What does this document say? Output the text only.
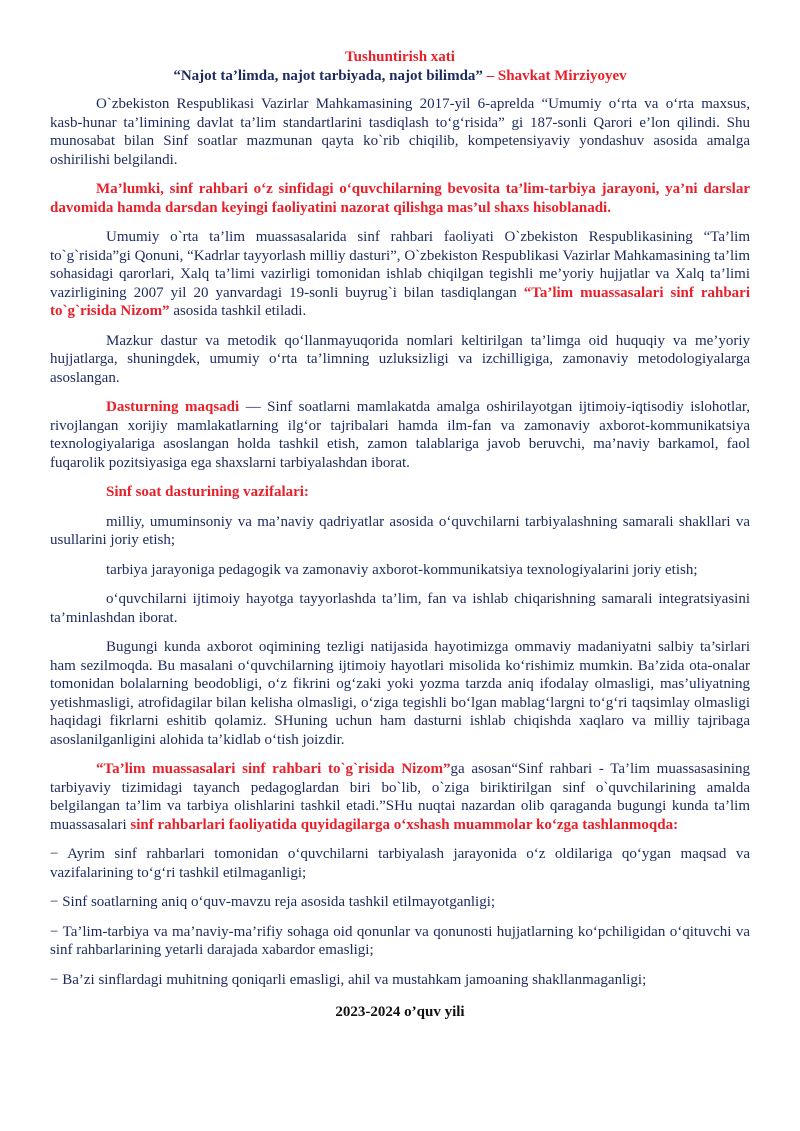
Tushuntirish xati

“Najot ta’limda, najot tarbiyada, najot bilimda” – Shavkat Mirziyoyev

O`zbekiston Respublikasi Vazirlar Mahkamasining 2017-yil 6-aprelda “Umumiy o‘rta va o‘rta maxsus, kasb-hunar ta’limining davlat ta’lim standartlarini tasdiqlash to‘g‘risida” gi 187-sonli Qarori e’lon qilindi. Shu munosabat bilan Sinf soatlar mazmunan qayta ko`rib chiqilib, kompetensiyaviy yondashuv asosida amalga oshirilishi belgilandi.

Ma’lumki, sinf rahbari o‘z sinfidagi o‘quvchilarning bevosita ta’lim-tarbiya jarayoni, ya’ni darslar davomida hamda darsdan keyingi faoliyatini nazorat qilishga mas’ul shaxs hisoblanadi.

Umumiy o`rta ta’lim muassasalarida sinf rahbari faoliyati O`zbekiston Respublikasining “Ta’lim to`g`risida”gi Qonuni, “Kadrlar tayyorlash milliy dasturi”, O`zbekiston Respublikasi Vazirlar Mahkamasining ta’lim sohasidagi qarorlari, Xalq ta’limi vazirligi tomonidan ishlab chiqilgan tegishli me’yoriy hujjatlar va Xalq ta’limi vazirligining 2007 yil 20 yanvardagi 19-sonli buyrug`i bilan tasdiqlangan “Ta’lim muassasalari sinf rahbari to`g`risida Nizom” asosida tashkil etiladi.

Mazkur dastur va metodik qo‘llanmayuqorida nomlari keltirilgan ta’limga oid huquqiy va me’yoriy hujjatlarga, shuningdek, umumiy o‘rta ta’limning uzluksizligi va izchilligiga, zamonaviy metodologiyalarga asoslangan.

Dasturning maqsadi — Sinf soatlarni mamlakatda amalga oshirilayotgan ijtimoiy-iqtisodiy islohotlar, rivojlangan xorijiy mamlakatlarning ilg‘or tajribalari hamda ilm-fan va zamonaviy axborot-kommunikatsiya texnologiyalariga asoslangan holda tashkil etish, zamon talablariga javob beruvchi, ma’naviy barkamol, faol fuqarolik pozitsiyasiga ega shaxslarni tarbiyalashdan iborat.

Sinf soat dasturining vazifalari:

milliy, umuminsoniy va ma’naviy qadriyatlar asosida o‘quvchilarni tarbiyalashning samarali shakllari va usullarini joriy etish;

tarbiya jarayoniga pedagogik va zamonaviy axborot-kommunikatsiya texnologiyalarini joriy etish;

o‘quvchilarni ijtimoiy hayotga tayyorlashda ta’lim, fan va ishlab chiqarishning samarali integratsiyasini ta’minlashdan iborat.

Bugungi kunda axborot oqimining tezligi natijasida hayotimizga ommaviy madaniyatni salbiy ta’sirlari ham sezilmoqda. Bu masalani o‘quvchilarning ijtimoiy hayotlari misolida ko‘rishimiz mumkin. Ba’zida ota-onalar tomonidan bolalarning beodobligi, o‘z fikrini og‘zaki yoki yozma tarzda aniq ifodalay olmasligi, mas’uliyatning yetishmasligi, atrofidagilar bilan kelisha olmasligi, o‘ziga tegishli bo‘lgan mablag‘largni to‘g‘ri taqsimlay olmasligi haqidagi fikrlarni eshitib qolamiz. SHuning uchun ham dasturni ishlab chiqishda xaqlaro va milliy tajribaga asoslanilganligini alohida ta’kidlab o‘tish joizdir.

“Ta’lim muassasalari sinf rahbari to`g`risida Nizom”ga asosan“Sinf rahbari - Ta’lim muassasasining tarbiyaviy tizimidagi tayanch pedagoglardan biri bo`lib, o`ziga biriktirilgan sinf o`quvchilarining amalda belgilangan ta’lim va tarbiya olishlarini tashkil etadi.”SHu nuqtai nazardan olib qaraganda bugungi kunda ta’lim muassasalari sinf rahbarlari faoliyatida quyidagilarga o‘xshash muammolar ko‘zga tashlanmoqda:

− Ayrim sinf rahbarlari tomonidan o‘quvchilarni tarbiyalash jarayonida o‘z oldilariga qo‘ygan maqsad va vazifalarining to‘g‘ri tashkil etilmaganligi;

− Sinf soatlarning aniq o‘quv-mavzu reja asosida tashkil etilmayotganligi;

− Ta’lim-tarbiya va ma’naviy-ma’rifiy sohaga oid qonunlar va qonunosti hujjatlarning ko‘pchiligidan o‘qituvchi va sinf rahbarlarining yetarli darajada xabardor emasligi;

− Ba’zi sinflardagi muhitning qoniqarli emasligi, ahil va mustahkam jamoaning shakllanmaganligi;

2023-2024 o’quv yili
